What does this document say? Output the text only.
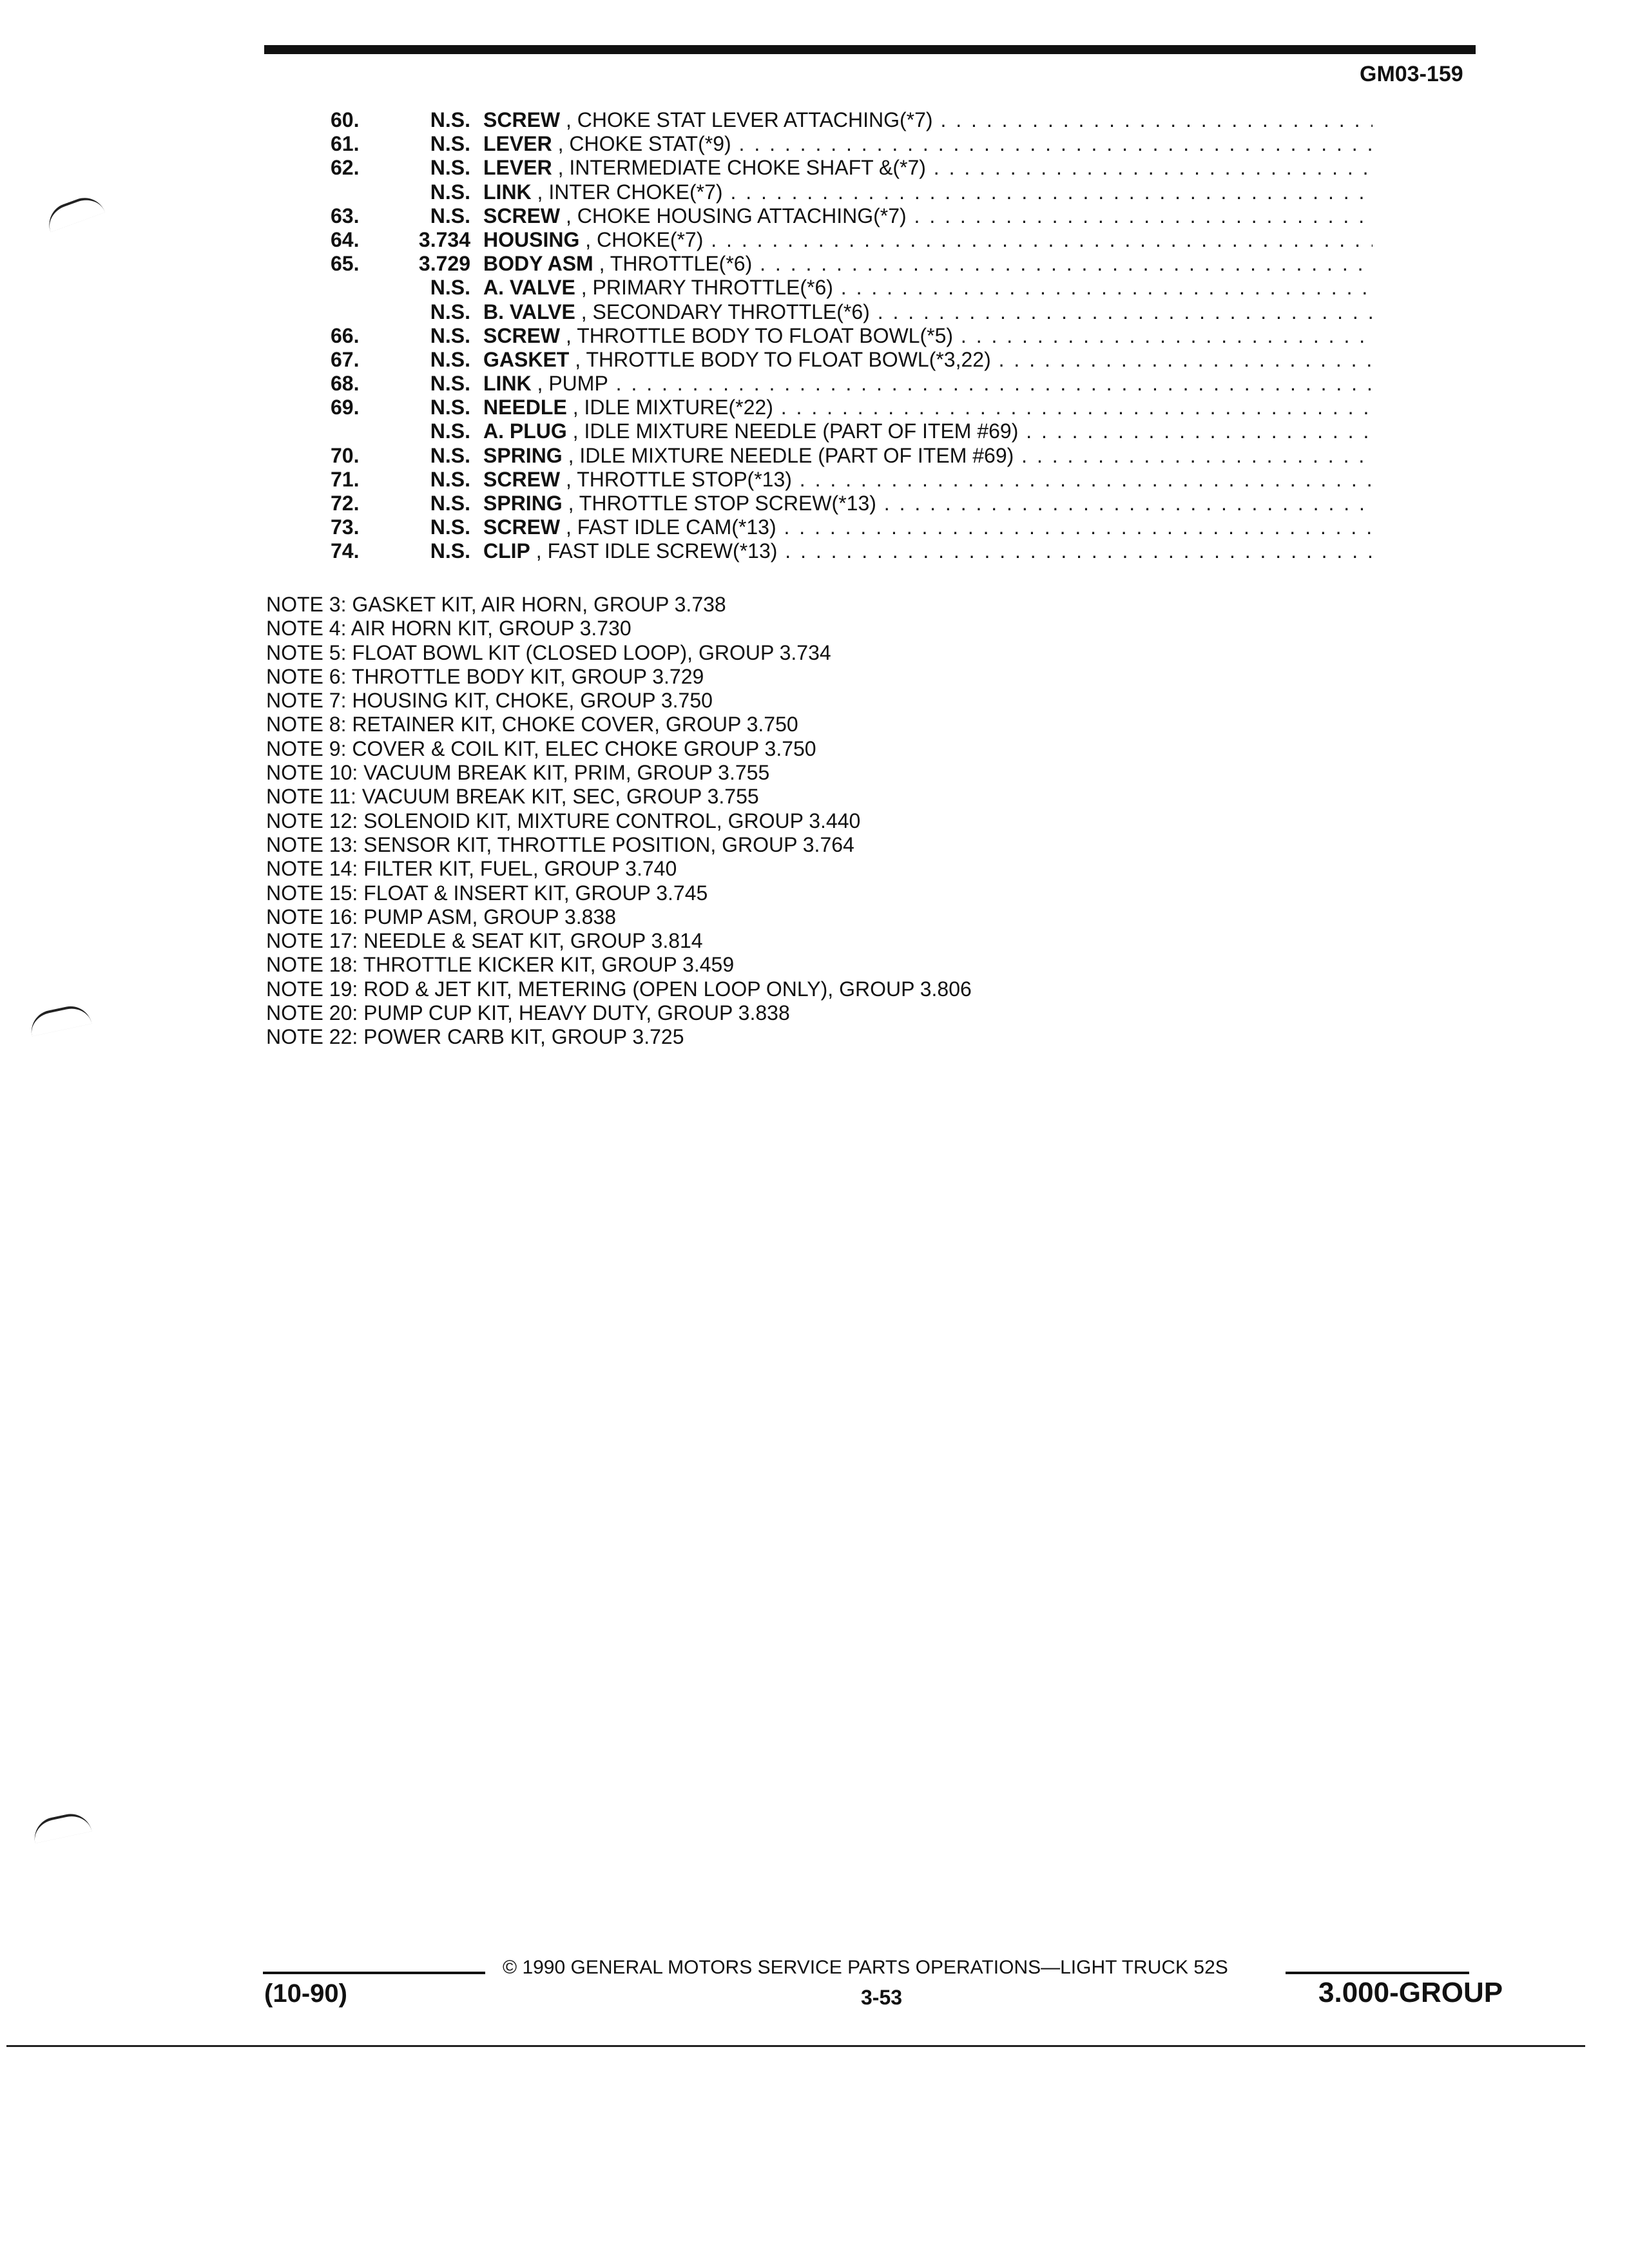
GM03-159
60.	N.S. SCREW , CHOKE STAT LEVER ATTACHING(*7) . . .
61.	N.S. LEVER , CHOKE STAT(*9) . . .
62.	N.S. LEVER , INTERMEDIATE CHOKE SHAFT &(*7) . . .
N.S. LINK , INTER CHOKE(*7) . . .
63.	N.S. SCREW , CHOKE HOUSING ATTACHING(*7) . . .
64.	3.734 HOUSING , CHOKE(*7) . . .
65.	3.729 BODY ASM , THROTTLE(*6) . . .
N.S. A. VALVE , PRIMARY THROTTLE(*6) . . .
N.S. B. VALVE , SECONDARY THROTTLE(*6) . . .
66.	N.S. SCREW , THROTTLE BODY TO FLOAT BOWL(*5) . . .
67.	N.S. GASKET , THROTTLE BODY TO FLOAT BOWL(*3,22) . . .
68.	N.S. LINK , PUMP . . .
69.	N.S. NEEDLE , IDLE MIXTURE(*22) . . .
N.S. A. PLUG , IDLE MIXTURE NEEDLE (PART OF ITEM #69) . . .
70.	N.S. SPRING , IDLE MIXTURE NEEDLE (PART OF ITEM #69) . . .
71.	N.S. SCREW , THROTTLE STOP(*13) . . .
72.	N.S. SPRING , THROTTLE STOP SCREW(*13) . . .
73.	N.S. SCREW , FAST IDLE CAM(*13) . . .
74.	N.S. CLIP , FAST IDLE SCREW(*13) . . .
NOTE 3: GASKET KIT, AIR HORN, GROUP 3.738
NOTE 4: AIR HORN KIT, GROUP 3.730
NOTE 5: FLOAT BOWL KIT (CLOSED LOOP), GROUP 3.734
NOTE 6: THROTTLE BODY KIT, GROUP 3.729
NOTE 7: HOUSING KIT, CHOKE, GROUP 3.750
NOTE 8: RETAINER KIT, CHOKE COVER, GROUP 3.750
NOTE 9: COVER & COIL KIT, ELEC CHOKE GROUP 3.750
NOTE 10: VACUUM BREAK KIT, PRIM, GROUP 3.755
NOTE 11: VACUUM BREAK KIT, SEC, GROUP 3.755
NOTE 12: SOLENOID KIT, MIXTURE CONTROL, GROUP 3.440
NOTE 13: SENSOR KIT, THROTTLE POSITION, GROUP 3.764
NOTE 14: FILTER KIT, FUEL, GROUP 3.740
NOTE 15: FLOAT & INSERT KIT, GROUP 3.745
NOTE 16: PUMP ASM, GROUP 3.838
NOTE 17: NEEDLE & SEAT KIT, GROUP 3.814
NOTE 18: THROTTLE KICKER KIT, GROUP 3.459
NOTE 19: ROD & JET KIT, METERING (OPEN LOOP ONLY), GROUP 3.806
NOTE 20: PUMP CUP KIT, HEAVY DUTY, GROUP 3.838
NOTE 22: POWER CARB KIT, GROUP 3.725
© 1990 GENERAL MOTORS SERVICE PARTS OPERATIONS—LIGHT TRUCK 52S
(10-90)	3-53	3.000-GROUP
